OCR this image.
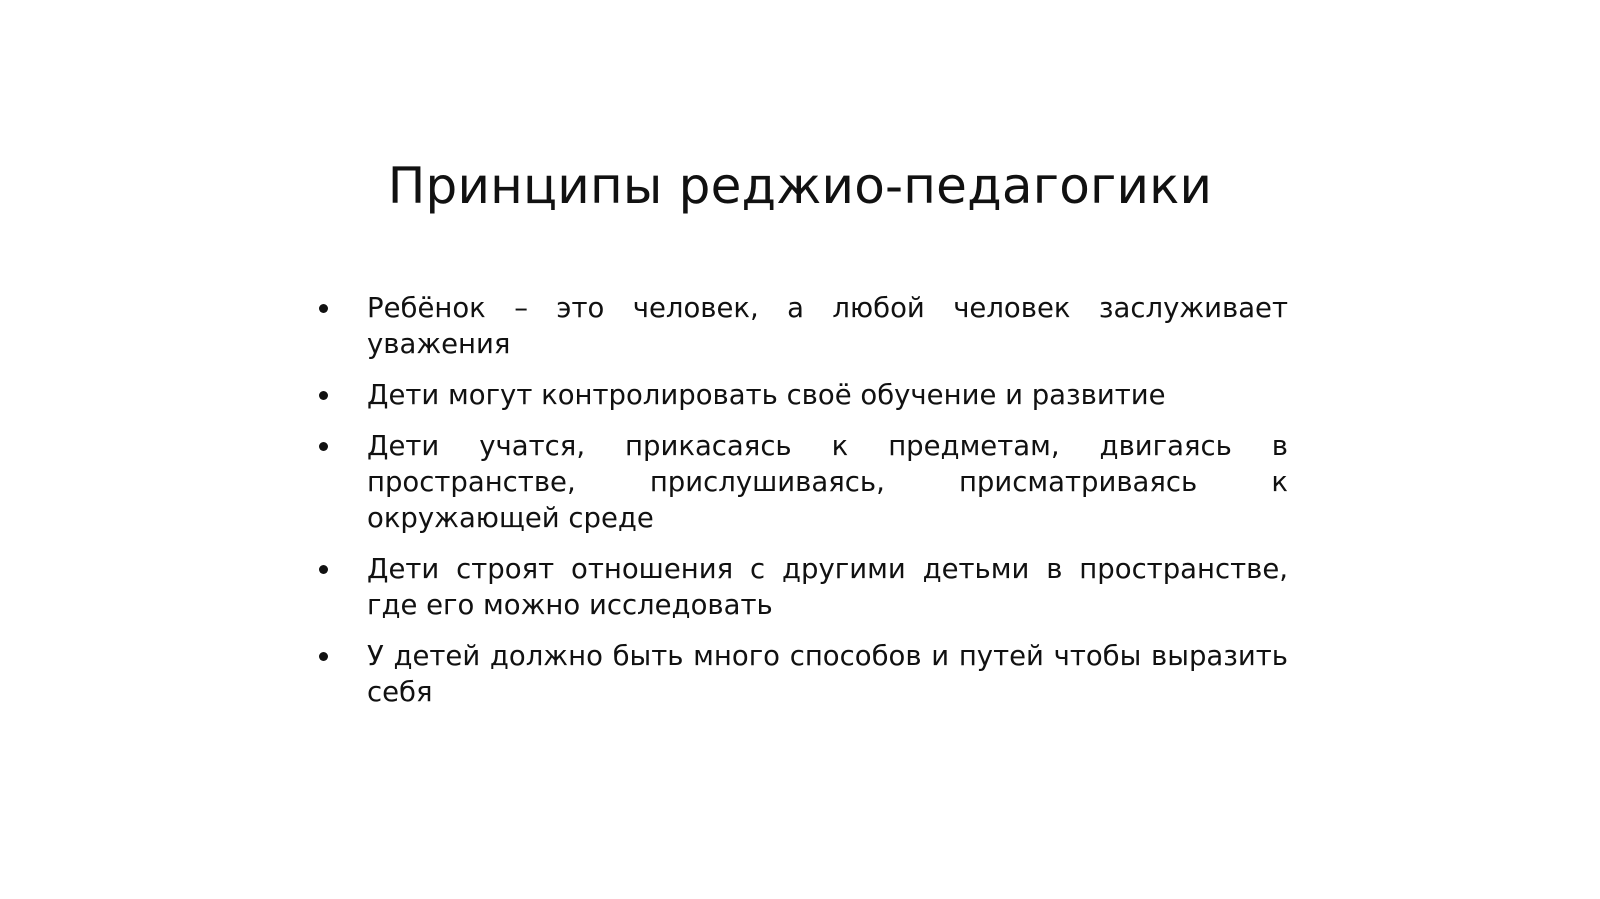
Принципы реджио-педагогики
Ребёнок – это человек, а любой человек заслуживает уважения
Дети могут контролировать своё обучение и развитие
Дети учатся, прикасаясь к предметам, двигаясь в пространстве, прислушиваясь, присматриваясь к окружающей среде
Дети строят отношения с другими детьми в пространстве, где его можно исследовать
У детей должно быть много способов и путей чтобы выразить себя
